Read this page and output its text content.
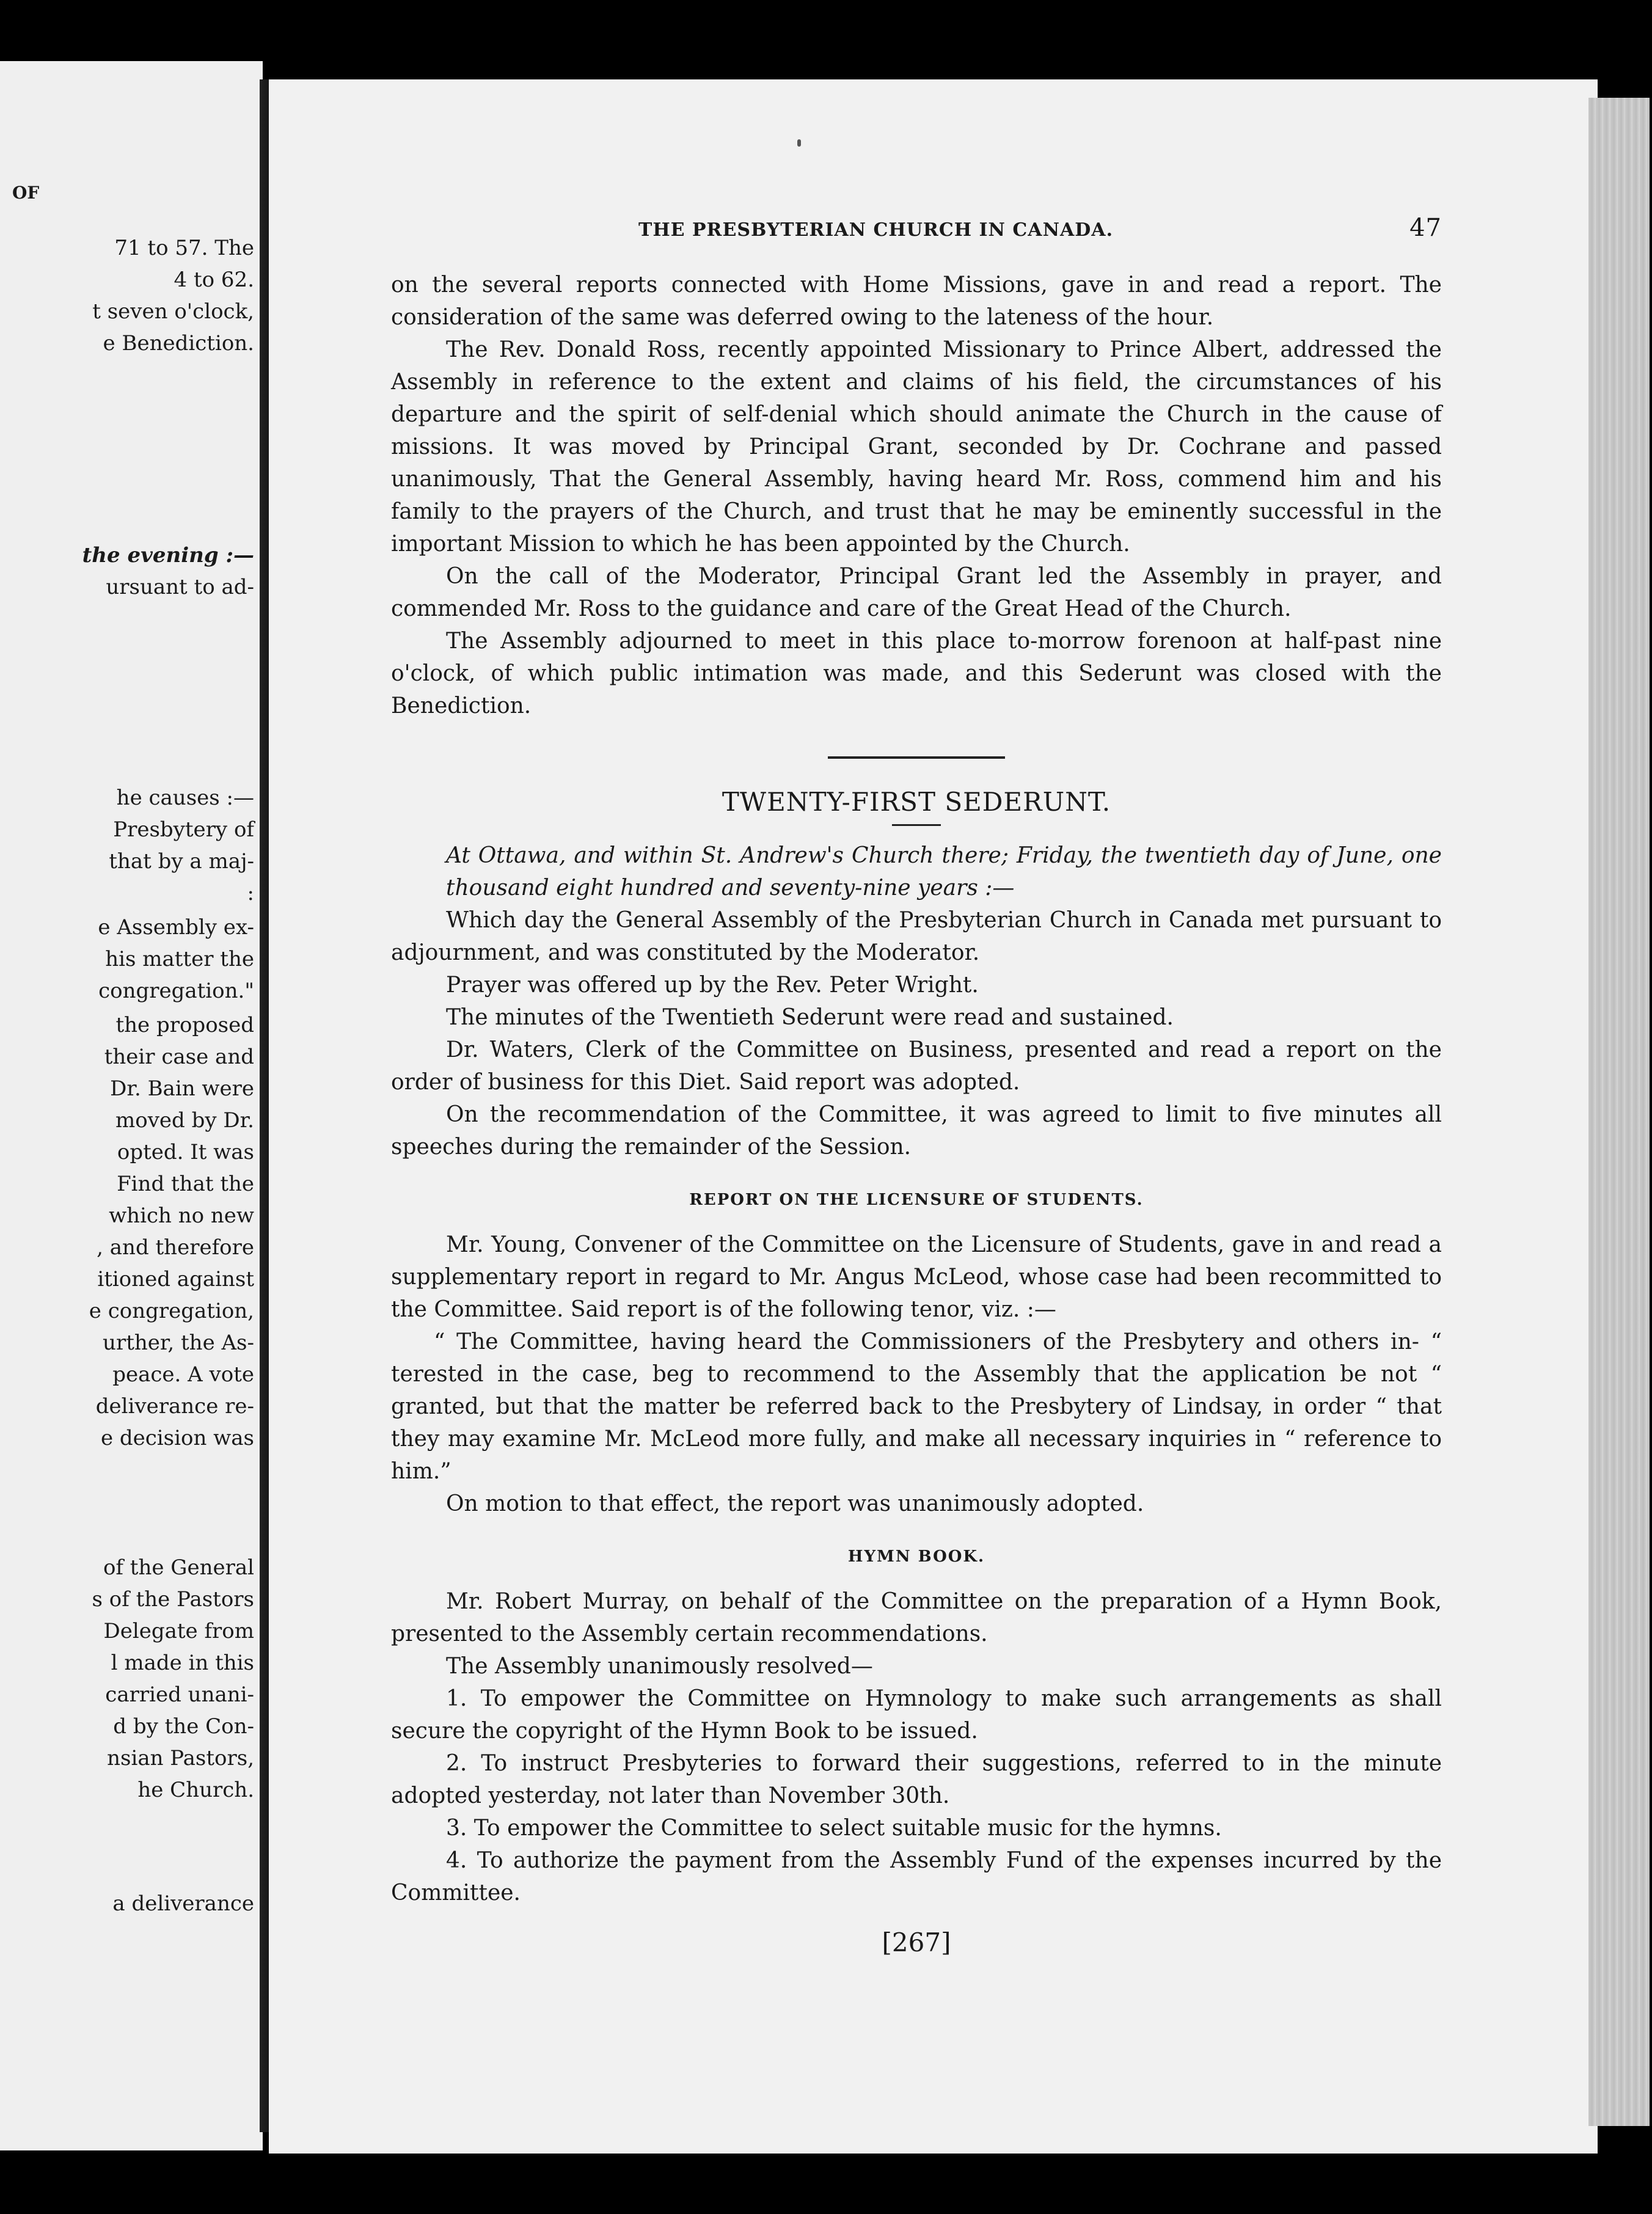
OF
71 to 57. The
4 to 62.
t seven o'clock,
e Benediction.
the evening :—
ursuant to ad-
he causes :—
Presbytery of
that by a maj-
:
e Assembly ex-
his matter the
congregation."
the proposed
their case and
Dr. Bain were
moved by Dr.
opted. It was
Find that the
which no new
, and therefore
itioned against
e congregation,
urther, the As-
peace. A vote
deliverance re-
e decision was
of the General
s of the Pastors
Delegate from
l made in this
carried unani-
d by the Con-
nsian Pastors,
he Church.
a deliverance
THE PRESBYTERIAN CHURCH IN CANADA.	47

on the several reports connected with Home Missions, gave in and read a report. The consideration of the same was deferred owing to the lateness of the hour.

The Rev. Donald Ross, recently appointed Missionary to Prince Albert, addressed the Assembly in reference to the extent and claims of his field, the circumstances of his departure and the spirit of self-denial which should animate the Church in the cause of missions. It was moved by Principal Grant, seconded by Dr. Cochrane and passed unanimously, That the General Assembly, having heard Mr. Ross, commend him and his family to the prayers of the Church, and trust that he may be eminently successful in the important Mission to which he has been appointed by the Church.

On the call of the Moderator, Principal Grant led the Assembly in prayer, and commended Mr. Ross to the guidance and care of the Great Head of the Church.

The Assembly adjourned to meet in this place to-morrow forenoon at half-past nine o'clock, of which public intimation was made, and this Sederunt was closed with the Benediction.

TWENTY-FIRST SEDERUNT.

At Ottawa, and within St. Andrew's Church there; Friday, the twentieth day of June, one thousand eight hundred and seventy-nine years :—

Which day the General Assembly of the Presbyterian Church in Canada met pursuant to adjournment, and was constituted by the Moderator.

Prayer was offered up by the Rev. Peter Wright.

The minutes of the Twentieth Sederunt were read and sustained.

Dr. Waters, Clerk of the Committee on Business, presented and read a report on the order of business for this Diet. Said report was adopted.

On the recommendation of the Committee, it was agreed to limit to five minutes all speeches during the remainder of the Session.

REPORT ON THE LICENSURE OF STUDENTS.

Mr. Young, Convener of the Committee on the Licensure of Students, gave in and read a supplementary report in regard to Mr. Angus McLeod, whose case had been recommitted to the Committee. Said report is of the following tenor, viz. :—

“ The Committee, having heard the Commissioners of the Presbytery and others in- “ terested in the case, beg to recommend to the Assembly that the application be not “ granted, but that the matter be referred back to the Presbytery of Lindsay, in order “ that they may examine Mr. McLeod more fully, and make all necessary inquiries in “ reference to him.”

On motion to that effect, the report was unanimously adopted.

HYMN BOOK.

Mr. Robert Murray, on behalf of the Committee on the preparation of a Hymn Book, presented to the Assembly certain recommendations.

The Assembly unanimously resolved—

1. To empower the Committee on Hymnology to make such arrangements as shall secure the copyright of the Hymn Book to be issued.

2. To instruct Presbyteries to forward their suggestions, referred to in the minute adopted yesterday, not later than November 30th.

3. To empower the Committee to select suitable music for the hymns.

4. To authorize the payment from the Assembly Fund of the expenses incurred by the Committee.

[267]
